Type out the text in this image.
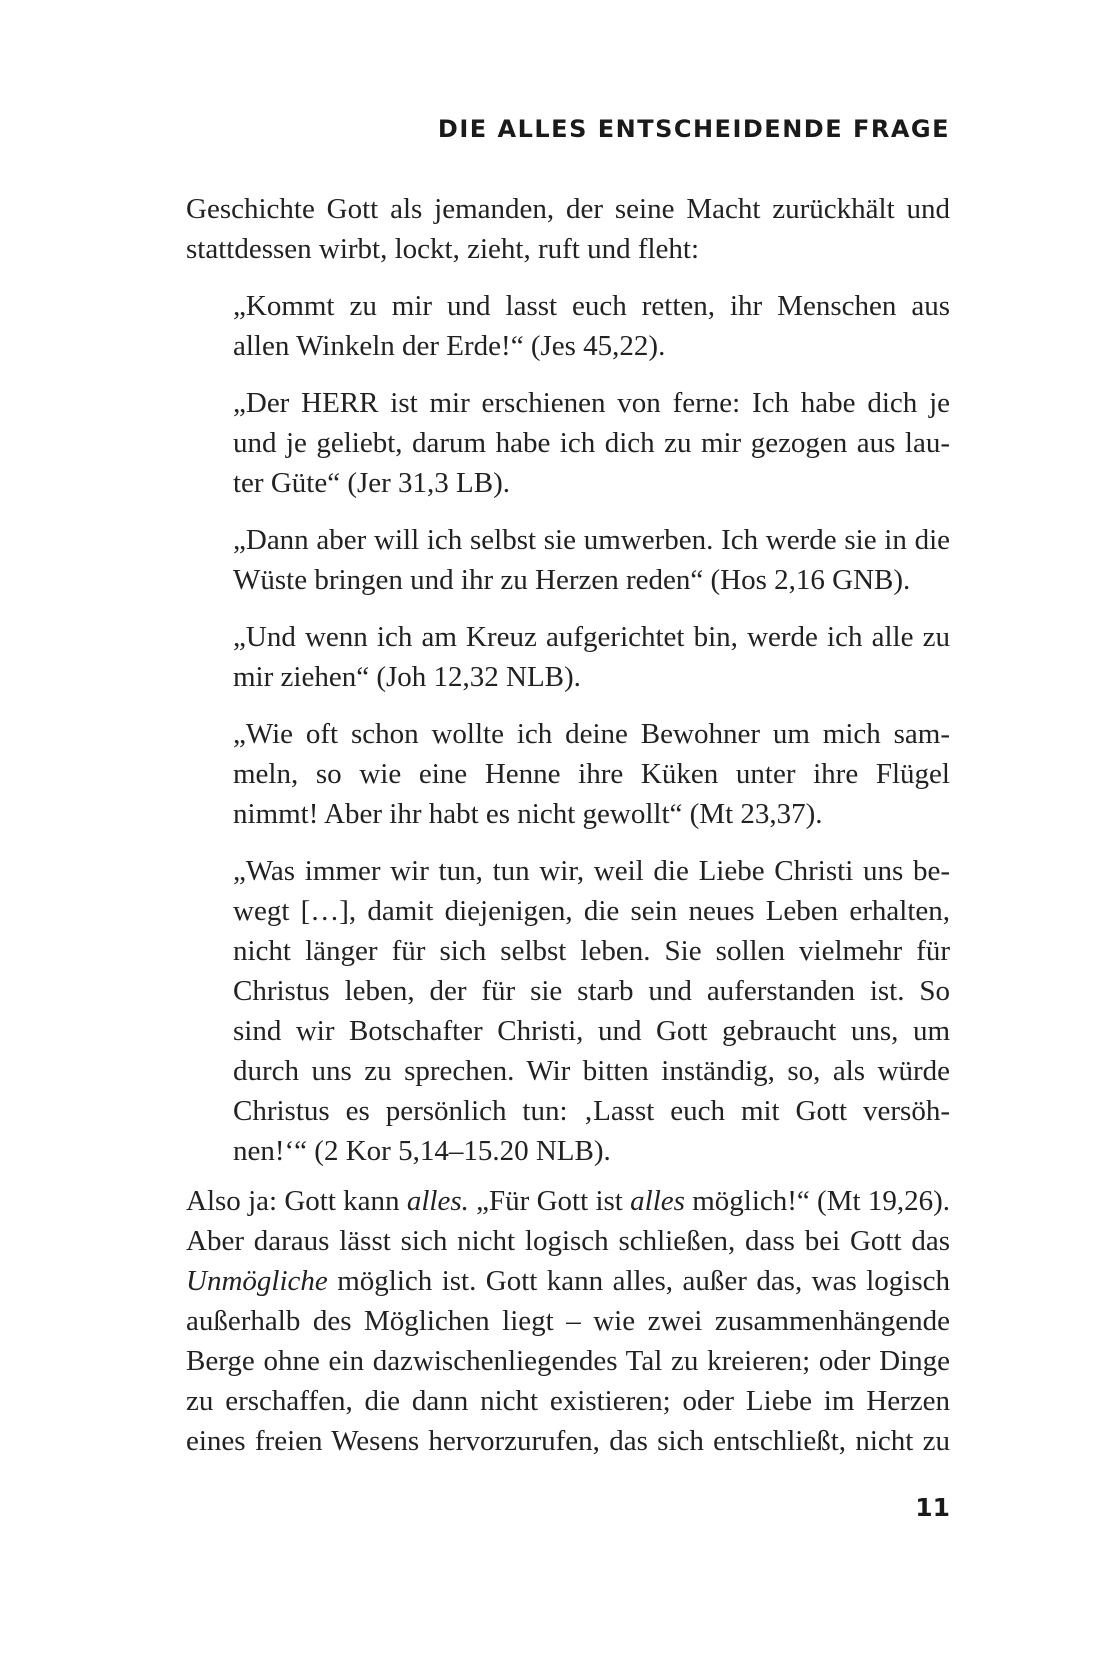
DIE ALLES ENTSCHEIDENDE FRAGE
Geschichte Gott als jemanden, der seine Macht zurückhält und
stattdessen wirbt, lockt, zieht, ruft und fleht:
„Kommt zu mir und lasst euch retten, ihr Menschen aus
allen Winkeln der Erde!“ (Jes 45,22).
„Der HERR ist mir erschienen von ferne: Ich habe dich je
und je geliebt, darum habe ich dich zu mir gezogen aus lau-
ter Güte“ (Jer 31,3 LB).
„Dann aber will ich selbst sie umwerben. Ich werde sie in die
Wüste bringen und ihr zu Herzen reden“ (Hos 2,16 GNB).
„Und wenn ich am Kreuz aufgerichtet bin, werde ich alle zu
mir ziehen“ (Joh 12,32 NLB).
„Wie oft schon wollte ich deine Bewohner um mich sam-
meln, so wie eine Henne ihre Küken unter ihre Flügel
nimmt! Aber ihr habt es nicht gewollt“ (Mt 23,37).
„Was immer wir tun, tun wir, weil die Liebe Christi uns be-
wegt […], damit diejenigen, die sein neues Leben erhalten,
nicht länger für sich selbst leben. Sie sollen vielmehr für
Christus leben, der für sie starb und auferstanden ist. So
sind wir Botschafter Christi, und Gott gebraucht uns, um
durch uns zu sprechen. Wir bitten inständig, so, als würde
Christus es persönlich tun: ‚Lasst euch mit Gott versöh-
nen!‘“ (2 Kor 5,14–15.20 NLB).
Also ja: Gott kann alles. „Für Gott ist alles möglich!“ (Mt 19,26).
Aber daraus lässt sich nicht logisch schließen, dass bei Gott das
Unmögliche möglich ist. Gott kann alles, außer das, was logisch
außerhalb des Möglichen liegt – wie zwei zusammenhängende
Berge ohne ein dazwischenliegendes Tal zu kreieren; oder Dinge
zu erschaffen, die dann nicht existieren; oder Liebe im Herzen
eines freien Wesens hervorzurufen, das sich entschließt, nicht zu
11
